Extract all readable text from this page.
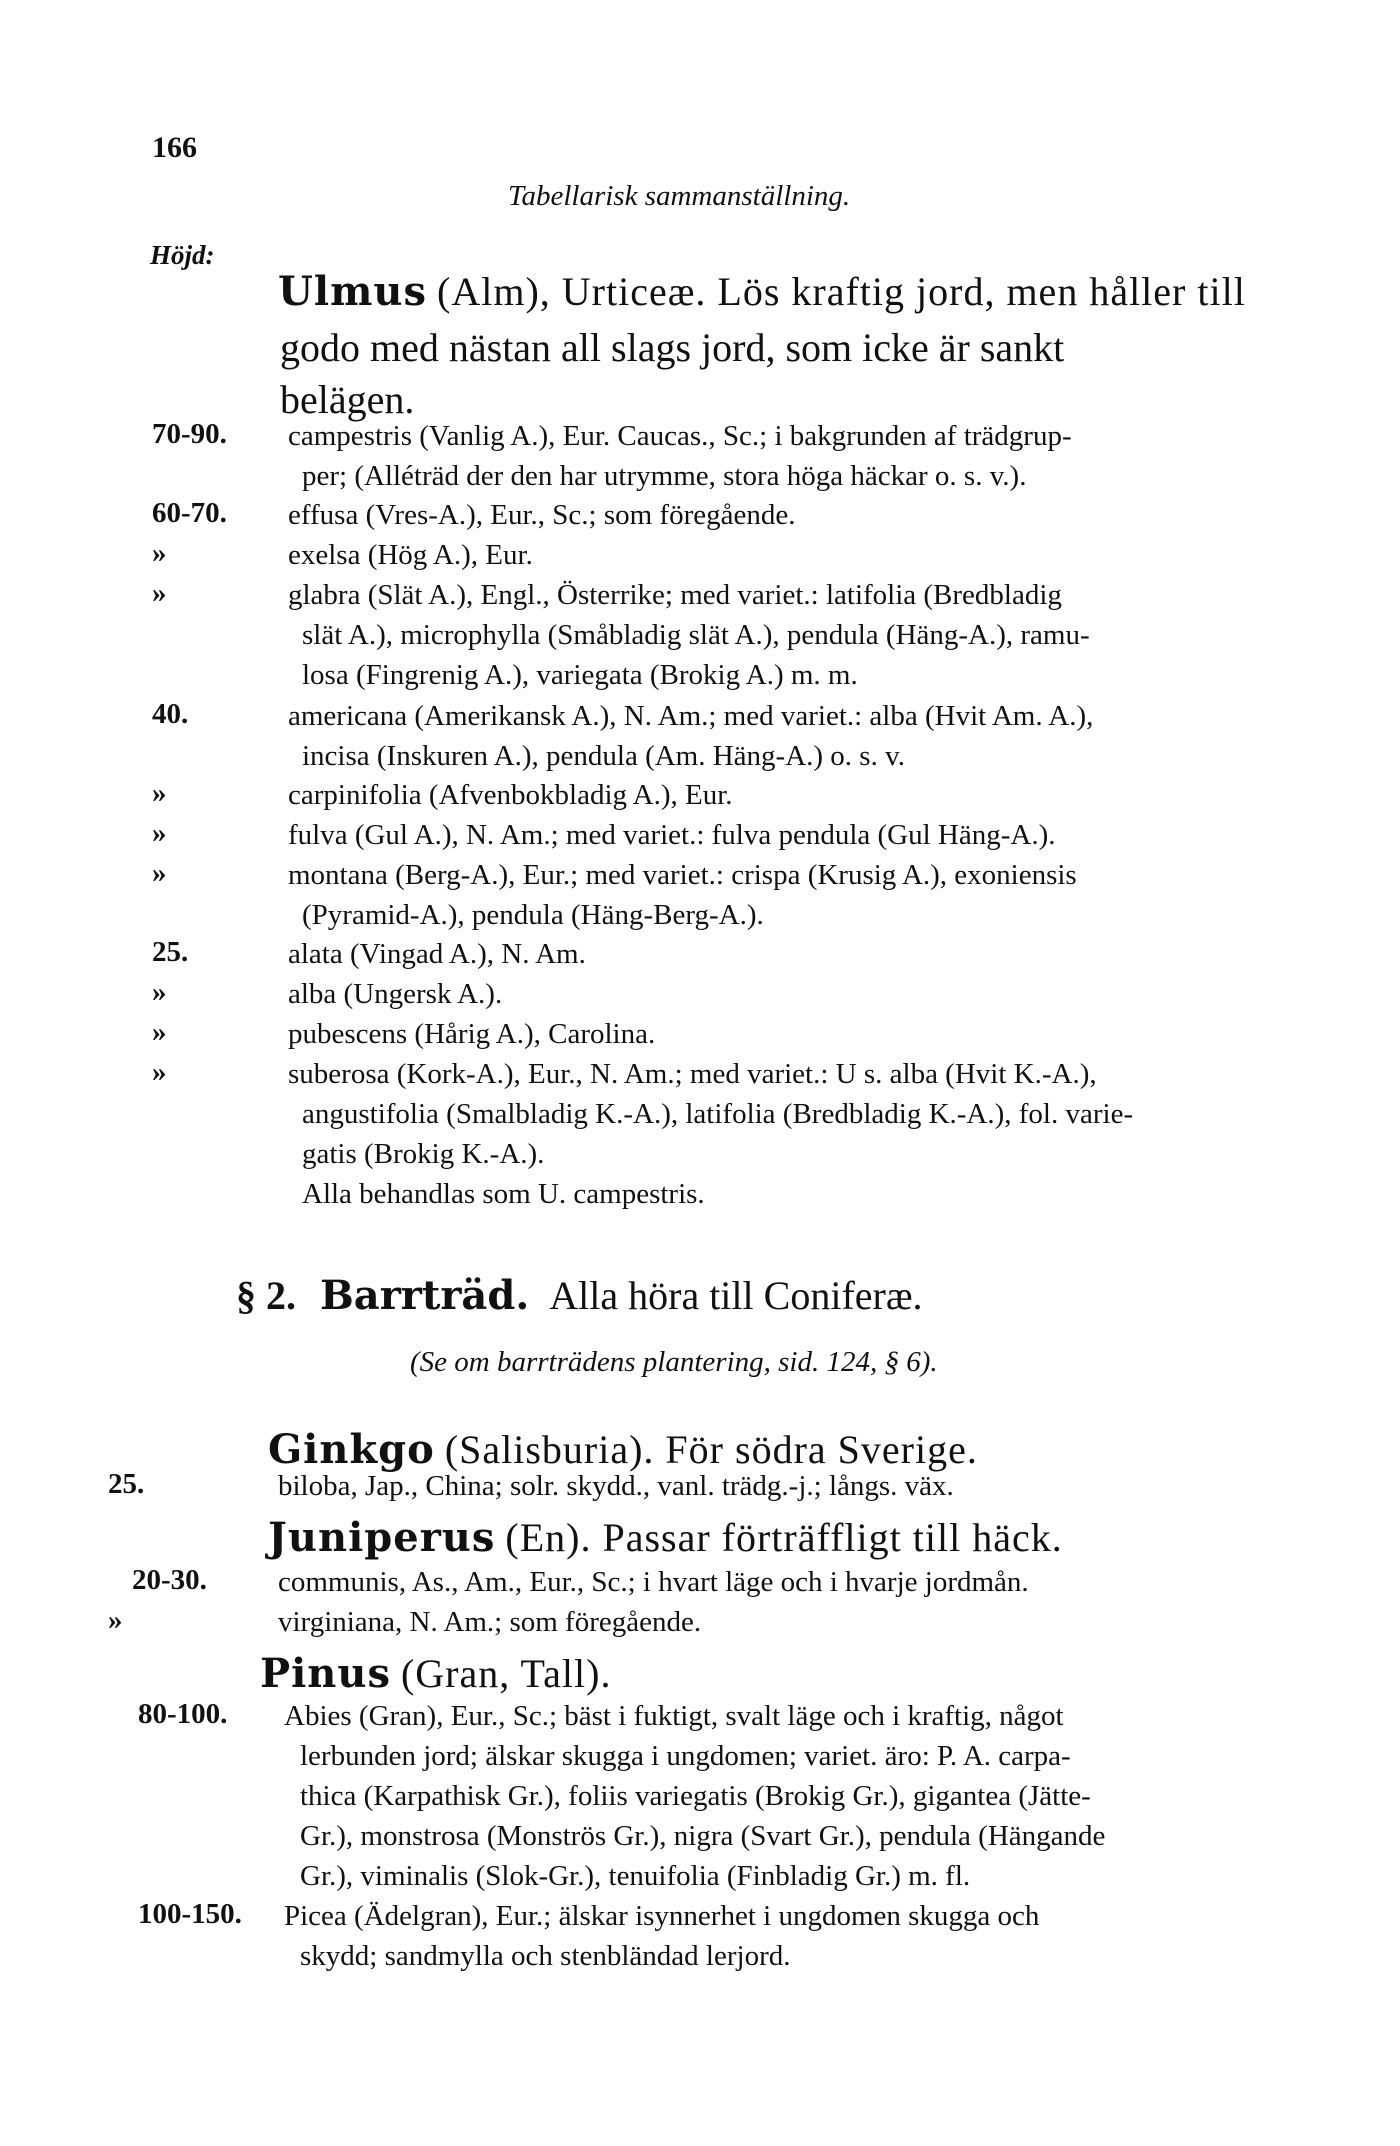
166
Tabellarisk sammanställning.
Höjd:
Ulmus (Alm), Urticeæ. Lös kraftig jord, men håller till
godo med nästan all slags jord, som icke är sankt
belägen.
70-90. campestris (Vanlig A.), Eur. Caucas., Sc.; i bakgrunden af trädgrup-
per; (Alléträd der den har utrymme, stora höga häckar o. s. v.).
60-70. effusa (Vres-A.), Eur., Sc.; som föregående.
»	exelsa (Hög A.), Eur.
»	glabra (Slät A.), Engl., Österrike; med variet.: latifolia (Bredbladig
slät A.), microphylla (Småbladig slät A.), pendula (Häng-A.), ramu-
losa (Fingrenig A.), variegata (Brokig A.) m. m.
40.	americana (Amerikansk A.), N. Am.; med variet.: alba (Hvit Am. A.),
incisa (Inskuren A.), pendula (Am. Häng-A.) o. s. v.
»	carpinifolia (Afvenbokbladig A.), Eur.
»	fulva (Gul A.), N. Am.; med variet.: fulva pendula (Gul Häng-A.).
»	montana (Berg-A.), Eur.; med variet.: crispa (Krusig A.), exoniensis
(Pyramid-A.), pendula (Häng-Berg-A.).
25.	alata (Vingad A.), N. Am.
»	alba (Ungersk A.).
»	pubescens (Hårig A.), Carolina.
»	suberosa (Kork-A.), Eur., N. Am.; med variet.: U s. alba (Hvit K.-A.),
angustifolia (Smalbladig K.-A.), latifolia (Bredbladig K.-A.), fol. varie-
gatis (Brokig K.-A.).
Alla behandlas som U. campestris.
§ 2. Barrträd. Alla höra till Coniferæ.
(Se om barrträdens plantering, sid. 124, § 6).
Ginkgo (Salisburia). För södra Sverige.
25.	biloba, Jap., China; solr. skydd., vanl. trädg.-j.; långs. väx.
Juniperus (En). Passar förträffligt till häck.
20-30. communis, As., Am., Eur., Sc.; i hvart läge och i hvarje jordmån.
»	virginiana, N. Am.; som föregående.
Pinus (Gran, Tall).
80-100. Abies (Gran), Eur., Sc.; bäst i fuktigt, svalt läge och i kraftig, något
lerbunden jord; älskar skugga i ungdomen; variet. äro: P. A. carpa-
thica (Karpathisk Gr.), foliis variegatis (Brokig Gr.), gigantea (Jätte-
Gr.), monstrosa (Monströs Gr.), nigra (Svart Gr.), pendula (Hängande
Gr.), viminalis (Slok-Gr.), tenuifolia (Finbladig Gr.) m. fl.
100-150. Picea (Ädelgran), Eur.; älskar isynnerhet i ungdomen skugga och
skydd; sandmylla och stenbländad lerjord.
